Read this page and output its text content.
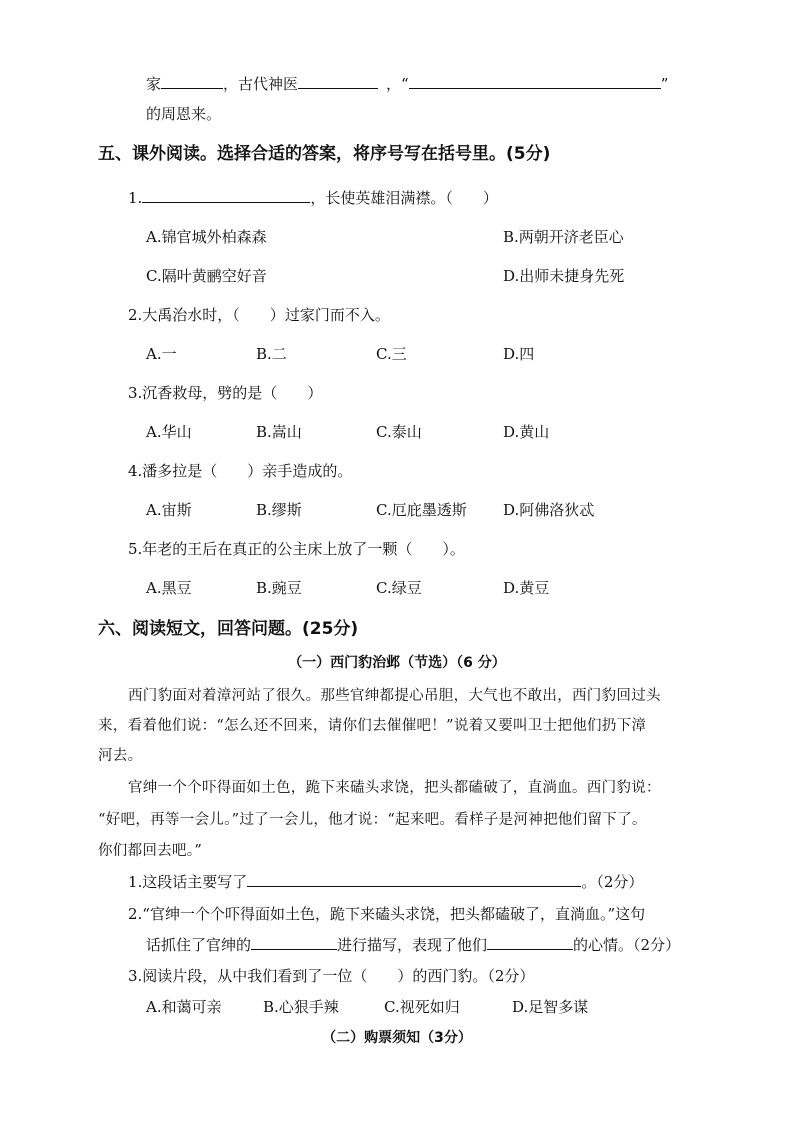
家	，古代神医	，“	”
的周恩来。
五、课外阅读。选择合适的答案，将序号写在括号里。(5分)
1.	，长使英雄泪满襟。（　　）
A.锦官城外柏森森	B.两朝开济老臣心
C.隔叶黄鹂空好音	D.出师未捷身先死
2.大禹治水时，（　　）过家门而不入。
A.一	B.二	C.三	D.四
3.沉香救母，劈的是（　　）
A.华山	B.嵩山	C.泰山	D.黄山
4.潘多拉是（　　）亲手造成的。
A.宙斯	B.缪斯	C.厄庇墨透斯 D.阿佛洛狄忒
5.年老的王后在真正的公主床上放了一颗（　　）。
A.黑豆	B.豌豆	C.绿豆	D.黄豆
六、阅读短文，回答问题。(25分)
（一）西门豹治邺（节选）（6 分）
西门豹面对着漳河站了很久。那些官绅都提心吊胆，大气也不敢出，西门豹回过头
来，看着他们说：“怎么还不回来，请你们去催催吧！”说着又要叫卫士把他们扔下漳
河去。
官绅一个个吓得面如土色，跪下来磕头求饶，把头都磕破了，直淌血。西门豹说：
“好吧，再等一会儿。”过了一会儿，他才说：“起来吧。看样子是河神把他们留下了。
你们都回去吧。”
1.这段话主要写了	。（2分）
2.“官绅一个个吓得面如土色，跪下来磕头求饶，把头都磕破了，直淌血。”这句
话抓住了官绅的	进行描写，表现了他们	的心情。（2分）
3.阅读片段，从中我们看到了一位（　　）的西门豹。（2分）
A.和蔼可亲	B.心狠手辣	C.视死如归	D.足智多谋
（二）购票须知（3分）
